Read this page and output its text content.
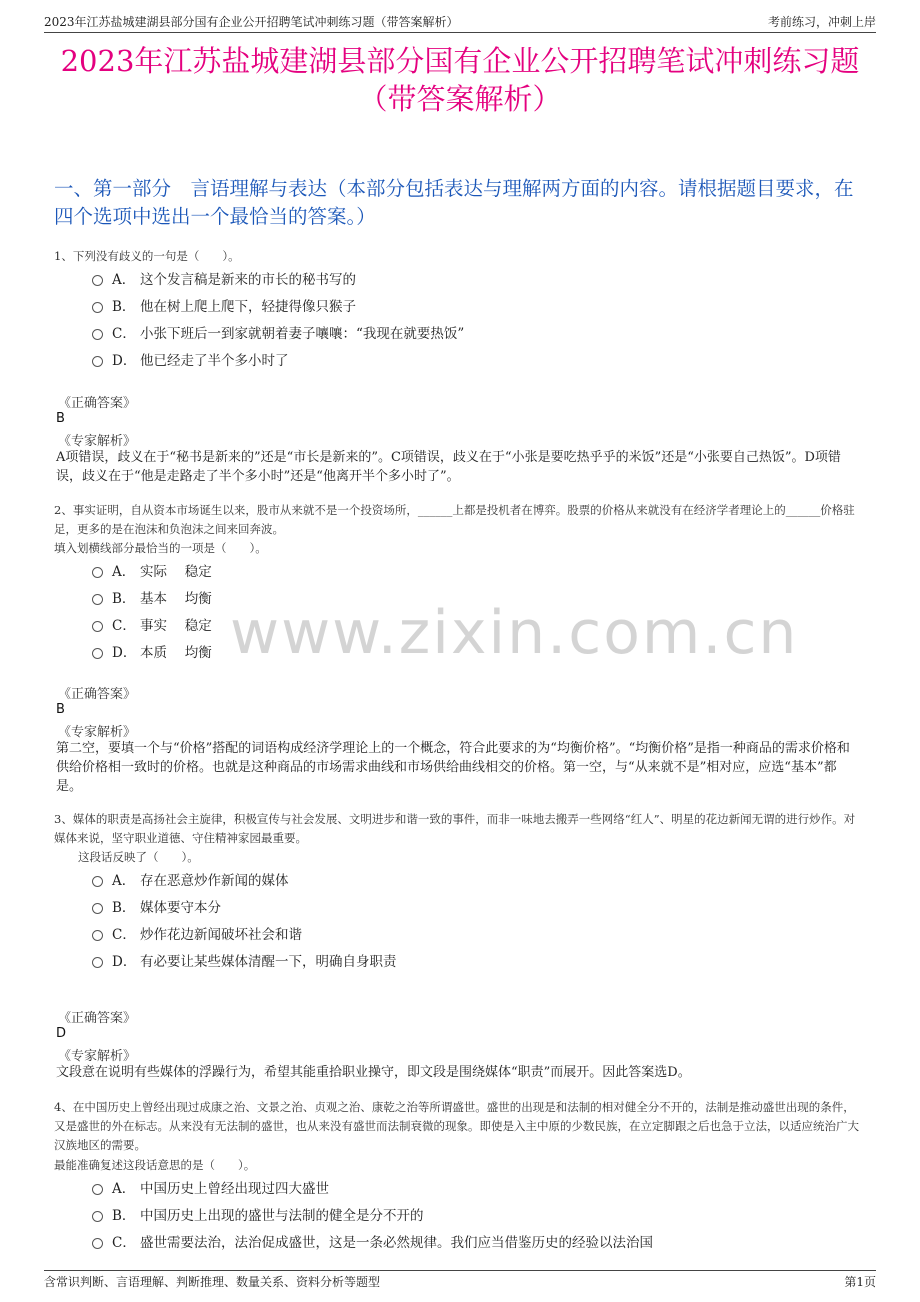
2023年江苏盐城建湖县部分国有企业公开招聘笔试冲刺练习题（带答案解析）	考前练习，冲刺上岸
2023年江苏盐城建湖县部分国有企业公开招聘笔试冲刺练习题
（带答案解析）
一、第一部分　言语理解与表达（本部分包括表达与理解两方面的内容。请根据题目要求，在四个选项中选出一个最恰当的答案。）
www.zixin.com.cn

1、下列没有歧义的一句是（　　）。

A． 这个发言稿是新来的市长的秘书写的
B． 他在树上爬上爬下，轻捷得像只猴子
C． 小张下班后一到家就朝着妻子嚷嚷：“我现在就要热饭”
D． 他已经走了半个多小时了
《正确答案》
B
《专家解析》

A项错误，歧义在于“秘书是新来的”还是“市长是新来的”。C项错误，歧义在于“小张是要吃热乎乎的米饭”还是“小张要自己热饭”。D项错误，歧义在于“他是走路走了半个多小时”还是“他离开半个多小时了”。

2、事实证明，自从资本市场诞生以来，股市从来就不是一个投资场所，______上都是投机者在博弈。股票的价格从来就没有在经济学者理论上的______价格驻足，更多的是在泡沫和负泡沫之间来回奔波。

填入划横线部分最恰当的一项是（　　）。

A． 实际　 稳定
B． 基本　 均衡
C． 事实　 稳定
D． 本质　 均衡
《正确答案》
B
《专家解析》

第二空，要填一个与“价格”搭配的词语构成经济学理论上的一个概念，符合此要求的为“均衡价格”。“均衡价格”是指一种商品的需求价格和供给价格相一致时的价格。也就是这种商品的市场需求曲线和市场供给曲线相交的价格。第一空，与“从来就不是”相对应，应选“基本”都是。

3、媒体的职责是高扬社会主旋律，积极宣传与社会发展、文明进步和谐一致的事件，而非一味地去搬弄一些网络“红人”、明星的花边新闻无谓的进行炒作。对媒体来说，坚守职业道德、守住精神家园最重要。

这段话反映了（　　）。

A． 存在恶意炒作新闻的媒体
B． 媒体要守本分
C． 炒作花边新闻破坏社会和谐
D． 有必要让某些媒体清醒一下，明确自身职责
《正确答案》
D
《专家解析》

文段意在说明有些媒体的浮躁行为，希望其能重拾职业操守，即文段是围绕媒体“职责”而展开。因此答案选D。

4、在中国历史上曾经出现过成康之治、文景之治、贞观之治、康乾之治等所谓盛世。盛世的出现是和法制的相对健全分不开的，法制是推动盛世出现的条件，又是盛世的外在标志。从来没有无法制的盛世，也从来没有盛世而法制衰微的现象。即使是入主中原的少数民族，在立定脚跟之后也急于立法，以适应统治广大汉族地区的需要。

最能准确复述这段话意思的是（　　）。

A． 中国历史上曾经出现过四大盛世
B． 中国历史上出现的盛世与法制的健全是分不开的
C． 盛世需要法治，法治促成盛世，这是一条必然规律。我们应当借鉴历史的经验以法治国
含常识判断、言语理解、判断推理、数量关系、资料分析等题型	第1页
